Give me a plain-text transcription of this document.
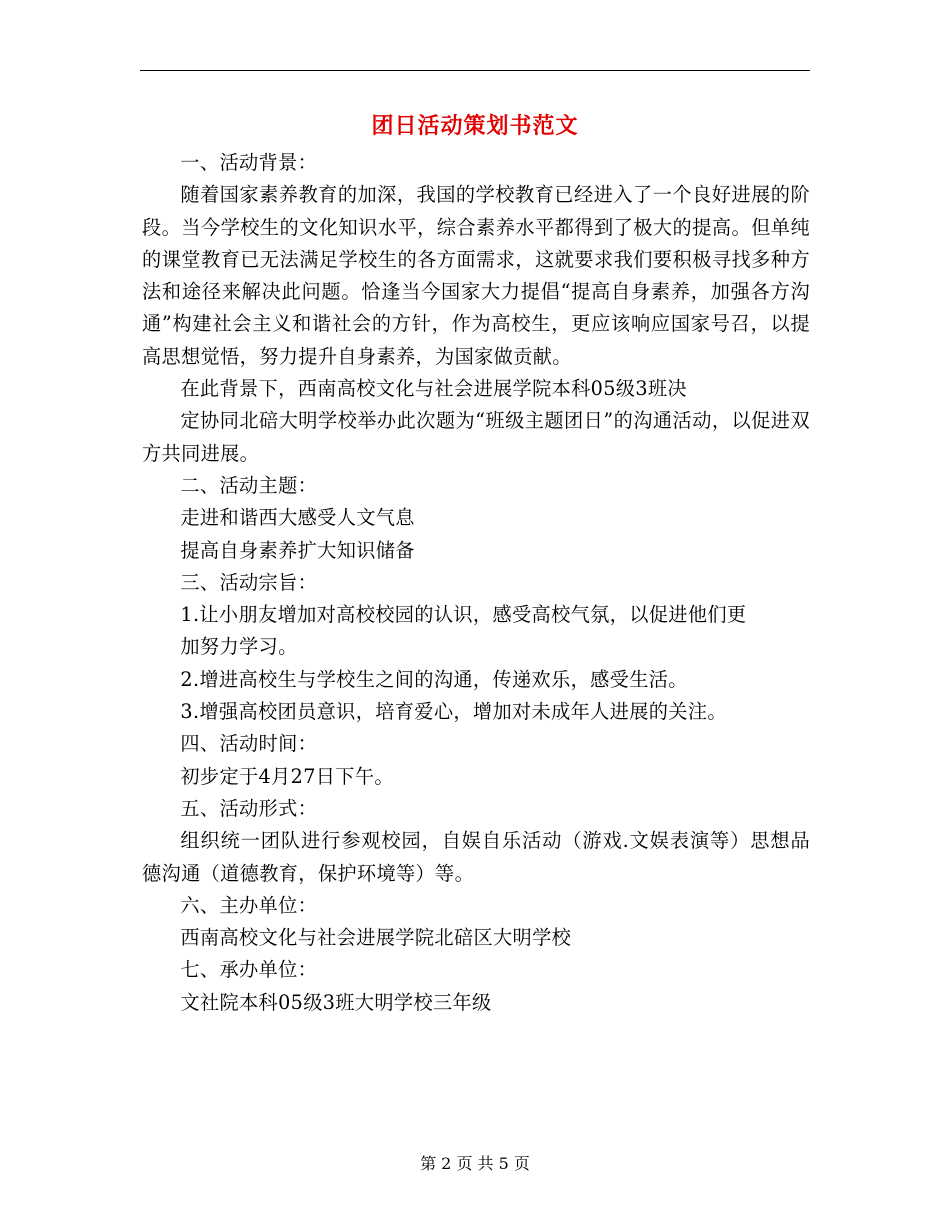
团日活动策划书范文

一、活动背景：

随着国家素养教育的加深，我国的学校教育已经进入了一个良好进展的阶段。当今学校生的文化知识水平，综合素养水平都得到了极大的提高。但单纯的课堂教育已无法满足学校生的各方面需求，这就要求我们要积极寻找多种方法和途径来解决此问题。恰逢当今国家大力提倡“提高自身素养，加强各方沟通”构建社会主义和谐社会的方针，作为高校生，更应该响应国家号召，以提高思想觉悟，努力提升自身素养，为国家做贡献。

在此背景下，西南高校文化与社会进展学院本科05级3班决

定协同北碚大明学校举办此次题为“班级主题团日”的沟通活动，以促进双方共同进展。

二、活动主题：

走进和谐西大感受人文气息

提高自身素养扩大知识储备

三、活动宗旨：

1.让小朋友增加对高校校园的认识，感受高校气氛，以促进他们更

加努力学习。

2.增进高校生与学校生之间的沟通，传递欢乐，感受生活。

3.增强高校团员意识，培育爱心，增加对未成年人进展的关注。

四、活动时间：

初步定于4月27日下午。

五、活动形式：

组织统一团队进行参观校园，自娱自乐活动（游戏.文娱表演等）思想品德沟通（道德教育，保护环境等）等。

六、主办单位：

西南高校文化与社会进展学院北碚区大明学校

七、承办单位：

文社院本科05级3班大明学校三年级

第 2 页 共 5 页
